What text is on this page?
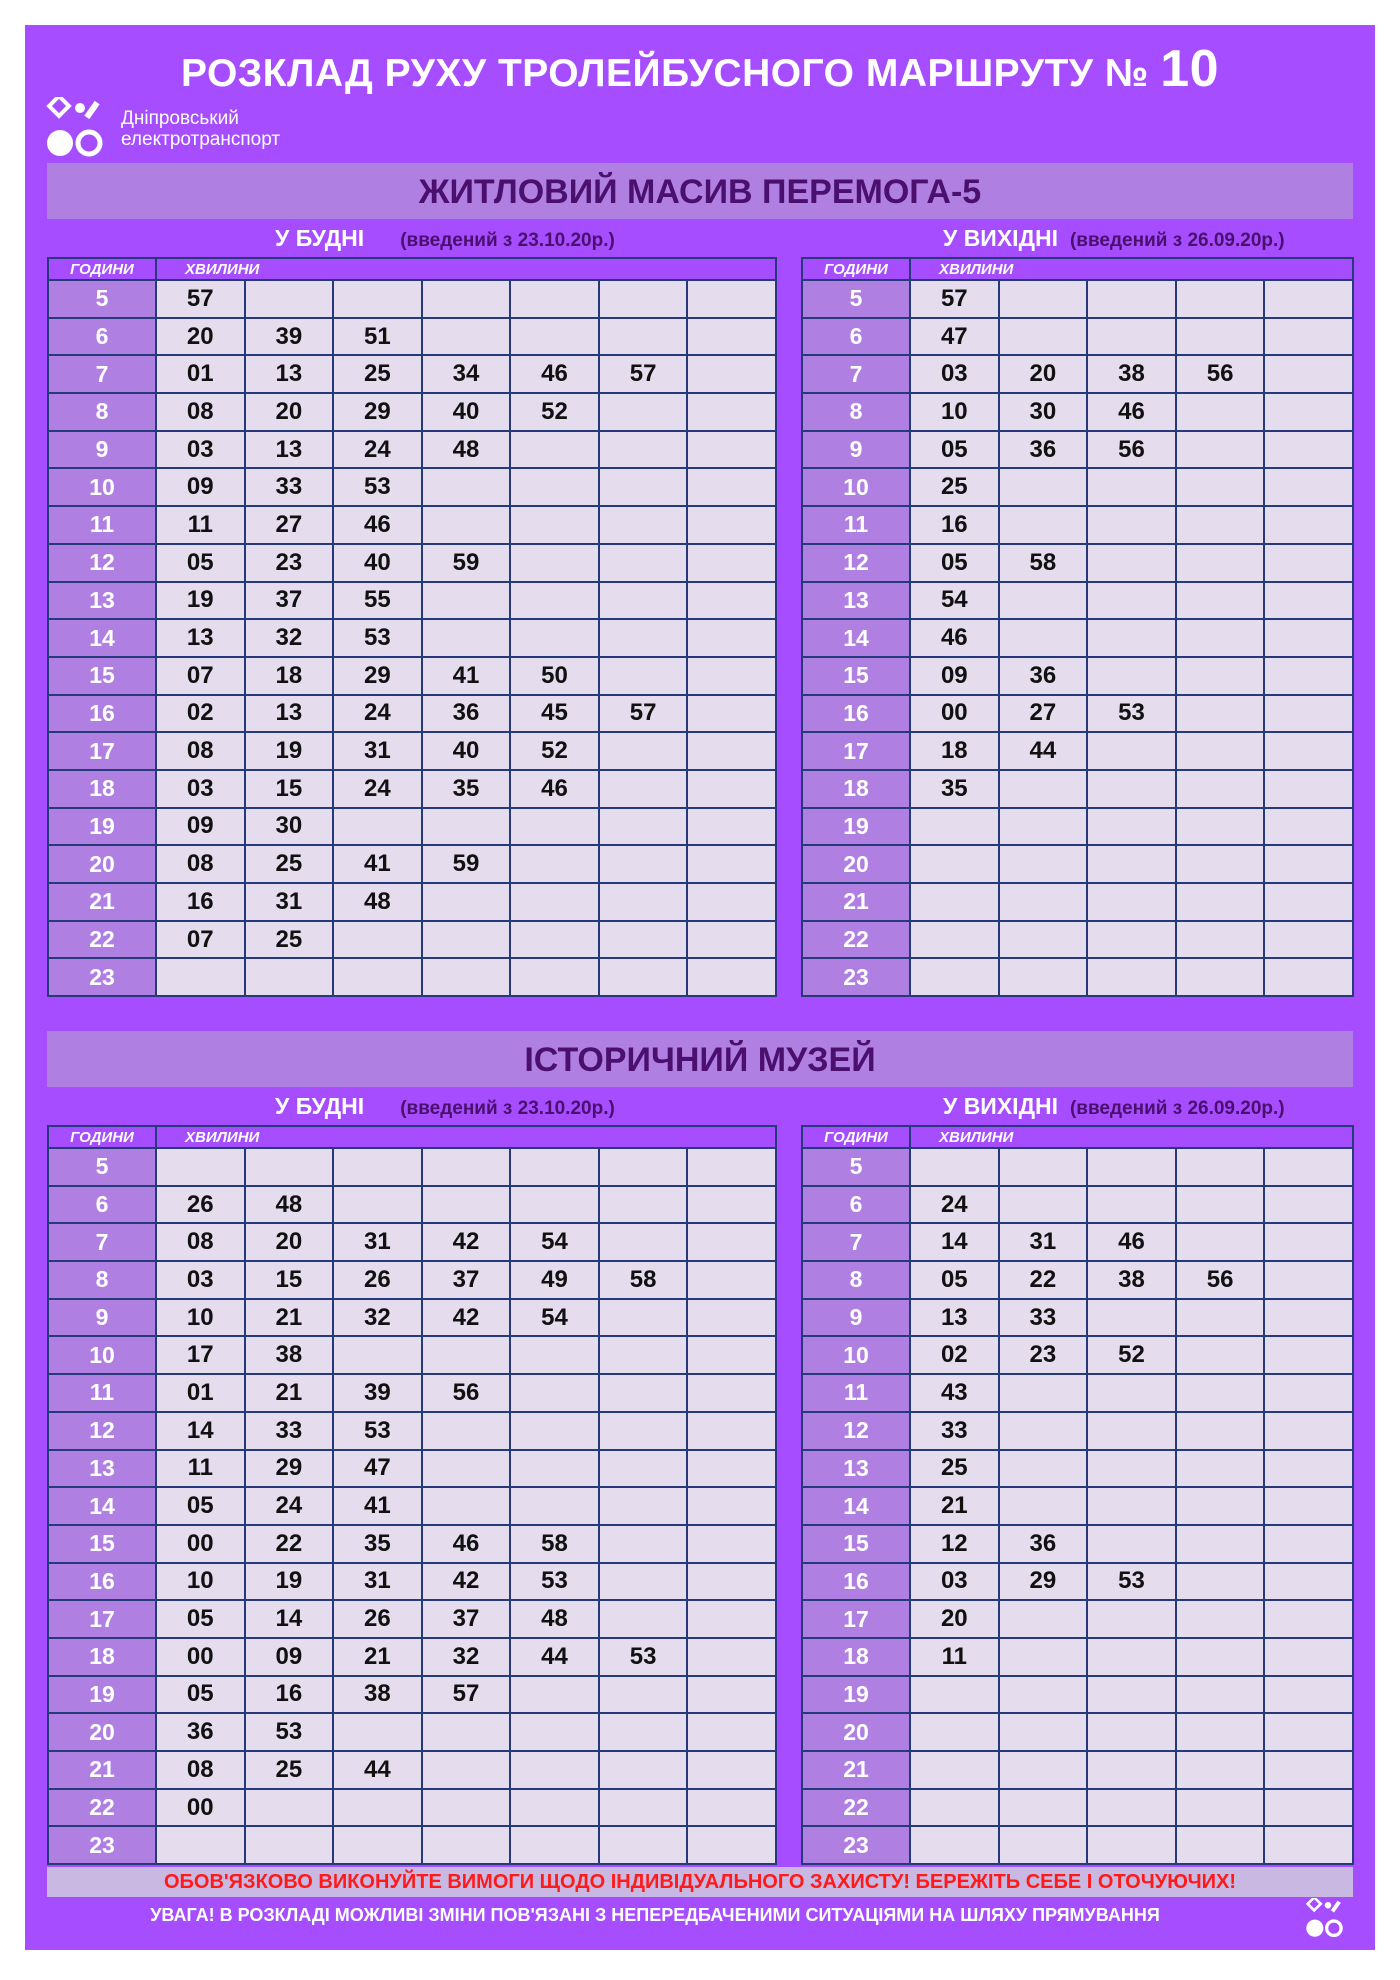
РОЗКЛАД РУХУ ТРОЛЕЙБУСНОГО МАРШРУТУ № 10
Дніпровський
електротранспорт
ЖИТЛОВИЙ МАСИВ ПЕРЕМОГА-5
У БУДНІ (введений з 23.10.20р.)	У ВИХІДНІ (введений з 26.09.20р.)
ГОДИНИ	ХВИЛИНИ						
5	57						
6	20	39	51				
7	01	13	25	34	46	57	
8	08	20	29	40	52		
9	03	13	24	48			
10	09	33	53				
11	11	27	46				
12	05	23	40	59			
13	19	37	55				
14	13	32	53				
15	07	18	29	41	50		
16	02	13	24	36	45	57	
17	08	19	31	40	52		
18	03	15	24	35	46		
19	09	30					
20	08	25	41	59			
21	16	31	48				
22	07	25					
23							
ГОДИНИ	ХВИЛИНИ				
5	57				
6	47				
7	03	20	38	56	
8	10	30	46		
9	05	36	56		
10	25				
11	16				
12	05	58			
13	54				
14	46				
15	09	36			
16	00	27	53		
17	18	44			
18	35				
19					
20					
21					
22					
23					
ІСТОРИЧНИЙ МУЗЕЙ
У БУДНІ (введений з 23.10.20р.)	У ВИХІДНІ (введений з 26.09.20р.)
ГОДИНИ	ХВИЛИНИ						
5							
6	26	48					
7	08	20	31	42	54		
8	03	15	26	37	49	58	
9	10	21	32	42	54		
10	17	38					
11	01	21	39	56			
12	14	33	53				
13	11	29	47				
14	05	24	41				
15	00	22	35	46	58		
16	10	19	31	42	53		
17	05	14	26	37	48		
18	00	09	21	32	44	53	
19	05	16	38	57			
20	36	53					
21	08	25	44				
22	00						
23							
ГОДИНИ	ХВИЛИНИ				
5					
6	24				
7	14	31	46		
8	05	22	38	56	
9	13	33			
10	02	23	52		
11	43				
12	33				
13	25				
14	21				
15	12	36			
16	03	29	53		
17	20				
18	11				
19					
20					
21					
22					
23					
ОБОВ'ЯЗКОВО ВИКОНУЙТЕ ВИМОГИ ЩОДО ІНДИВІДУАЛЬНОГО ЗАХИСТУ! БЕРЕЖІТЬ СЕБЕ І ОТОЧУЮЧИХ!
УВАГА! В РОЗКЛАДІ МОЖЛИВІ ЗМІНИ ПОВ'ЯЗАНІ З НЕПЕРЕДБАЧЕНИМИ СИТУАЦІЯМИ НА ШЛЯХУ ПРЯМУВАННЯ
